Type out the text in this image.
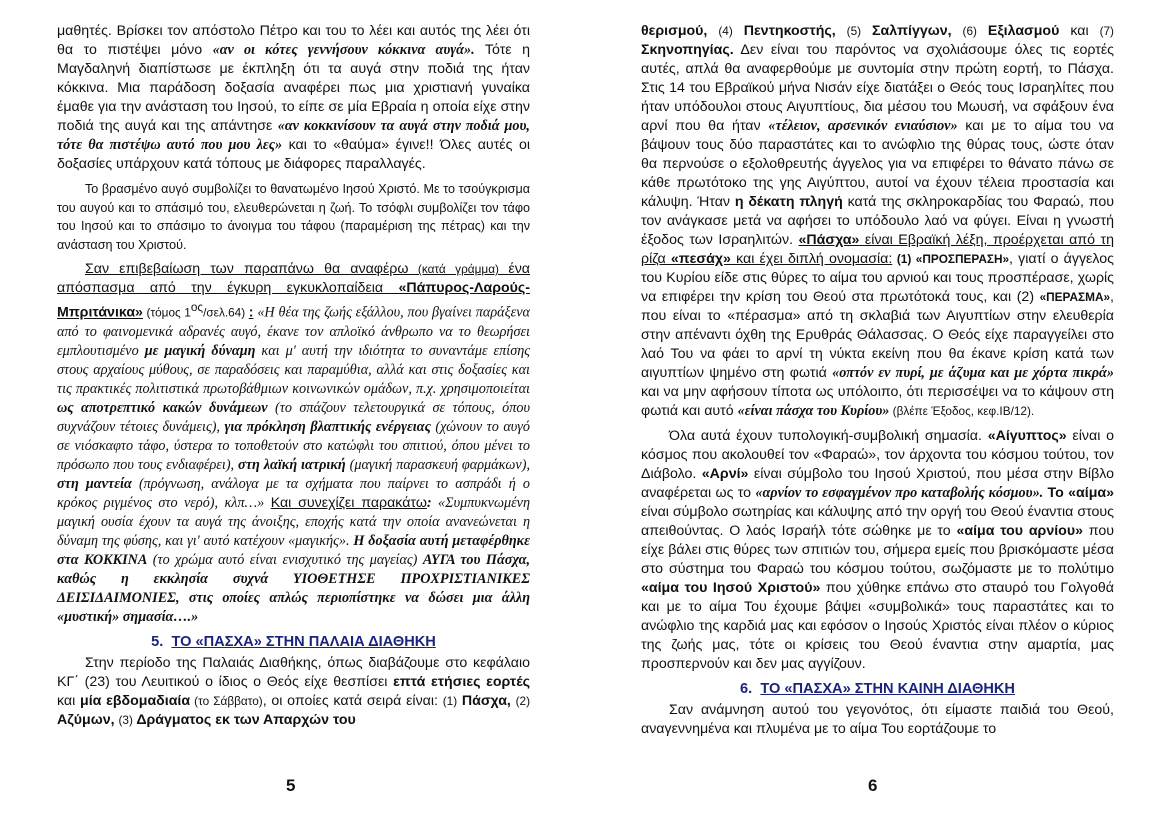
μαθητές. Βρίσκει τον απόστολο Πέτρο και του το λέει και αυτός της λέει ότι θα το πιστέψει μόνο «αν οι κότες γεννήσουν κόκκινα αυγά». Τότε η Μαγδαληνή διαπίστωσε με έκπληξη ότι τα αυγά στην ποδιά της ήταν κόκκινα. Μια παράδοση δοξασία αναφέρει πως μια χριστιανή γυναίκα έμαθε για την ανάσταση του Ιησού, το είπε σε μία Εβραία η οποία είχε στην ποδιά της αυγά και της απάντησε «αν κοκκινίσουν τα αυγά στην ποδιά μου, τότε θα πιστέψω αυτό που μου λες» και το «θαύμα» έγινε!! Όλες αυτές οι δοξασίες υπάρχουν κατά τόπους με διάφορες παραλλαγές.

Το βρασμένο αυγό συμβολίζει το θανατωμένο Ιησού Χριστό. Με το τσούγκρισμα του αυγού και το σπάσιμό του, ελευθερώνεται η ζωή. Το τσόφλι συμβολίζει τον τάφο του Ιησού και το σπάσιμο το άνοιγμα του τάφου (παραμέριση της πέτρας) και την ανάσταση του Χριστού.

Σαν επιβεβαίωση των παραπάνω θα αναφέρω (κατά γράμμα) ένα απόσπασμα από την έγκυρη εγκυκλοπαίδεια «Πάπυρος-Λαρούς-Μπριτάνικα» (τόμος $1^{o\varsigma}/\sigma\varepsilon\lambda.64$) : «Η θέα της ζωής εξάλλου, που βγαίνει παράξενα από το φαινομενικά αδρανές αυγό, έκανε τον απλοϊκό άνθρωπο να το θεωρήσει εμπλουτισμένο με μαγική δύναμη και μ' αυτή την ιδιότητα το συναντάμε επίσης στους αρχαίους μύθους, σε παραδόσεις και παραμύθια, αλλά και στις δοξασίες και τις πρακτικές πολιτιστικά πρωτοβάθμιων κοινωνικών ομάδων, π.χ. χρησιμοποιείται ως αποτρεπτικό κακών δυνάμεων (το σπάζουν τελετουργικά σε τόπους, όπου συχνάζουν τέτοιες δυνάμεις), για πρόκληση βλαπτικής ενέργειας (χώνουν το αυγό σε νιόσκαφτο τάφο, ύστερα το τοποθετούν στο κατώφλι του σπιτιού, όπου μένει το πρόσωπο που τους ενδιαφέρει), στη λαϊκή ιατρική (μαγική παρασκευή φαρμάκων), στη μαντεία (πρόγνωση, ανάλογα με τα σχήματα που παίρνει το ασπράδι ή ο κρόκος ριγμένος στο νερό), κλπ…» Και συνεχίζει παρακάτω: «Συμπυκνωμένη μαγική ουσία έχουν τα αυγά της άνοιξης, εποχής κατά την οποία ανανεώνεται η δύναμη της φύσης, και γι' αυτό κατέχουν «μαγικής». Η δοξασία αυτή μεταφέρθηκε στα ΚΟΚΚΙΝΑ (το χρώμα αυτό είναι ενισχυτικό της μαγείας) ΑΥΓΑ του Πάσχα, καθώς η εκκλησία συχνά ΥΙΟΘΕΤΗΣΕ ΠΡΟΧΡΙΣΤΙΑΝΙΚΕΣ ΔΕΙΣΙΔΑΙΜΟΝΙΕΣ, στις οποίες απλώς περιοπίστηκε να δώσει μια άλλη «μυστική» σημασία….»

5. ΤΟ «ΠΑΣΧΑ» ΣΤΗΝ ΠΑΛΑΙΑ ΔΙΑΘΗΚΗ

Στην περίοδο της Παλαιάς Διαθήκης, όπως διαβάζουμε στο κεφάλαιο ΚΓ΄ (23) του Λευιτικού ο ίδιος ο Θεός είχε θεσπίσει επτά ετήσιες εορτές και μία εβδομαδιαία (το Σάββατο), οι οποίες κατά σειρά είναι: (1) Πάσχα, (2) Αζύμων, (3) Δράγματος εκ των Απαρχών του

5

θερισμού, (4) Πεντηκοστής, (5) Σαλπίγγων, (6) Εξιλασμού και (7) Σκηνοπηγίας. Δεν είναι του παρόντος να σχολιάσουμε όλες τις εορτές αυτές, απλά θα αναφερθούμε με συντομία στην πρώτη εορτή, το Πάσχα. Στις 14 του Εβραϊκού μήνα Νισάν είχε διατάξει ο Θεός τους Ισραηλίτες που ήταν υπόδουλοι στους Αιγυπτίους, δια μέσου του Μωυσή, να σφάξουν ένα αρνί που θα ήταν «τέλειον, αρσενικόν ενιαύσιον» και με το αίμα του να βάψουν τους δύο παραστάτες και το ανώφλιο της θύρας τους, ώστε όταν θα περνούσε ο εξολοθρευτής άγγελος για να επιφέρει το θάνατο πάνω σε κάθε πρωτότοκο της γης Αιγύπτου, αυτοί να έχουν τέλεια προστασία και κάλυψη. Ήταν η δέκατη πληγή κατά της σκληροκαρδίας του Φαραώ, που τον ανάγκασε μετά να αφήσει το υπόδουλο λαό να φύγει. Είναι η γνωστή έξοδος των Ισραηλιτών. «Πάσχα» είναι Εβραϊκή λέξη, προέρχεται από τη ρίζα «πεσάχ» και έχει διπλή ονομασία: (1) «ΠΡΟΣΠΕΡΑΣΗ», γιατί ο άγγελος του Κυρίου είδε στις θύρες το αίμα του αρνιού και τους προσπέρασε, χωρίς να επιφέρει την κρίση του Θεού στα πρωτότοκά τους, και (2) «ΠΕΡΑΣΜΑ», που είναι το «πέρασμα» από τη σκλαβιά των Αιγυπτίων στην ελευθερία στην απέναντι όχθη της Ερυθράς Θάλασσας. Ο Θεός είχε παραγγείλει στο λαό Του να φάει το αρνί τη νύκτα εκείνη που θα έκανε κρίση κατά των αιγυπτίων ψημένο στη φωτιά «οπτόν εν πυρί, με άζυμα και με χόρτα πικρά» και να μην αφήσουν τίποτα ως υπόλοιπο, ότι περισσέψει να το κάψουν στη φωτιά και αυτό «είναι πάσχα του Κυρίου» (βλέπε Έξοδος, κεφ.ΙΒ/12).

Όλα αυτά έχουν τυπολογική-συμβολική σημασία. «Αίγυπτος» είναι ο κόσμος που ακολουθεί τον «Φαραώ», τον άρχοντα του κόσμου τούτου, τον Διάβολο. «Αρνί» είναι σύμβολο του Ιησού Χριστού, που μέσα στην Βίβλο αναφέρεται ως το «αρνίον το εσφαγμένον προ καταβολής κόσμου». Το «αίμα» είναι σύμβολο σωτηρίας και κάλυψης από την οργή του Θεού έναντια στους απειθούντας. Ο λαός Ισραήλ τότε σώθηκε με το «αίμα του αρνίου» που είχε βάλει στις θύρες των σπιτιών του, σήμερα εμείς που βρισκόμαστε μέσα στο σύστημα του Φαραώ του κόσμου τούτου, σωζόμαστε με το πολύτιμο «αίμα του Ιησού Χριστού» που χύθηκε επάνω στο σταυρό του Γολγοθά και με το αίμα Του έχουμε βάψει «συμβολικά» τους παραστάτες και το ανώφλιο της καρδιά μας και εφόσον ο Ιησούς Χριστός είναι πλέον ο κύριος της ζωής μας, τότε οι κρίσεις του Θεού έναντια στην αμαρτία, μας προσπερνούν και δεν μας αγγίζουν.

6. ΤΟ «ΠΑΣΧΑ» ΣΤΗΝ ΚΑΙΝΗ ΔΙΑΘΗΚΗ

Σαν ανάμνηση αυτού του γεγονότος, ότι είμαστε παιδιά του Θεού, αναγεννημένα και πλυμένα με το αίμα Του εορτάζουμε το

6
